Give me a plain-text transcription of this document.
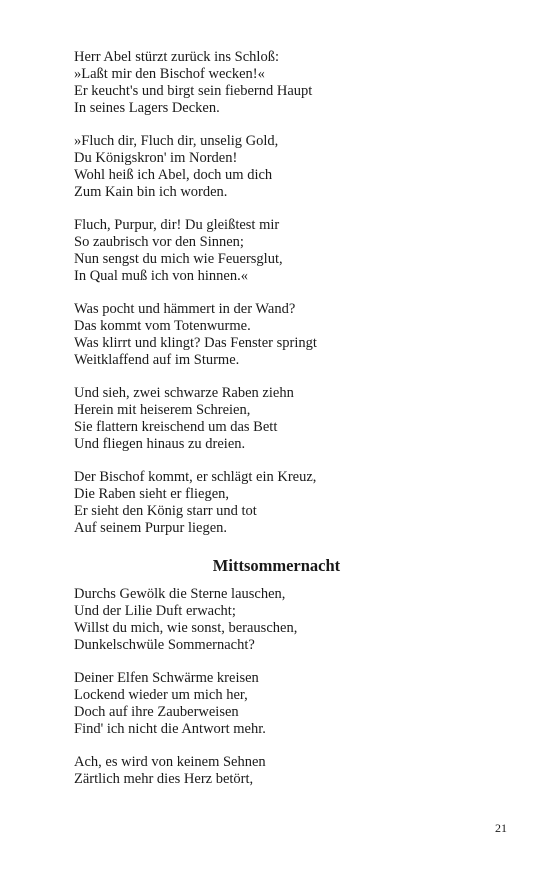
Herr Abel stürzt zurück ins Schloß:
»Laßt mir den Bischof wecken!«
Er keucht's und birgt sein fiebernd Haupt
In seines Lagers Decken.
»Fluch dir, Fluch dir, unselig Gold,
Du Königskron' im Norden!
Wohl heiß ich Abel, doch um dich
Zum Kain bin ich worden.
Fluch, Purpur, dir! Du gleißtest mir
So zaubrisch vor den Sinnen;
Nun sengst du mich wie Feuersglut,
In Qual muß ich von hinnen.«
Was pocht und hämmert in der Wand?
Das kommt vom Totenwurme.
Was klirrt und klingt? Das Fenster springt
Weitklaffend auf im Sturme.
Und sieh, zwei schwarze Raben ziehn
Herein mit heiserem Schreien,
Sie flattern kreischend um das Bett
Und fliegen hinaus zu dreien.
Der Bischof kommt, er schlägt ein Kreuz,
Die Raben sieht er fliegen,
Er sieht den König starr und tot
Auf seinem Purpur liegen.
Mittsommernacht
Durchs Gewölk die Sterne lauschen,
Und der Lilie Duft erwacht;
Willst du mich, wie sonst, berauschen,
Dunkelschwüle Sommernacht?
Deiner Elfen Schwärme kreisen
Lockend wieder um mich her,
Doch auf ihre Zauberweisen
Find' ich nicht die Antwort mehr.
Ach, es wird von keinem Sehnen
Zärtlich mehr dies Herz betört,
21
